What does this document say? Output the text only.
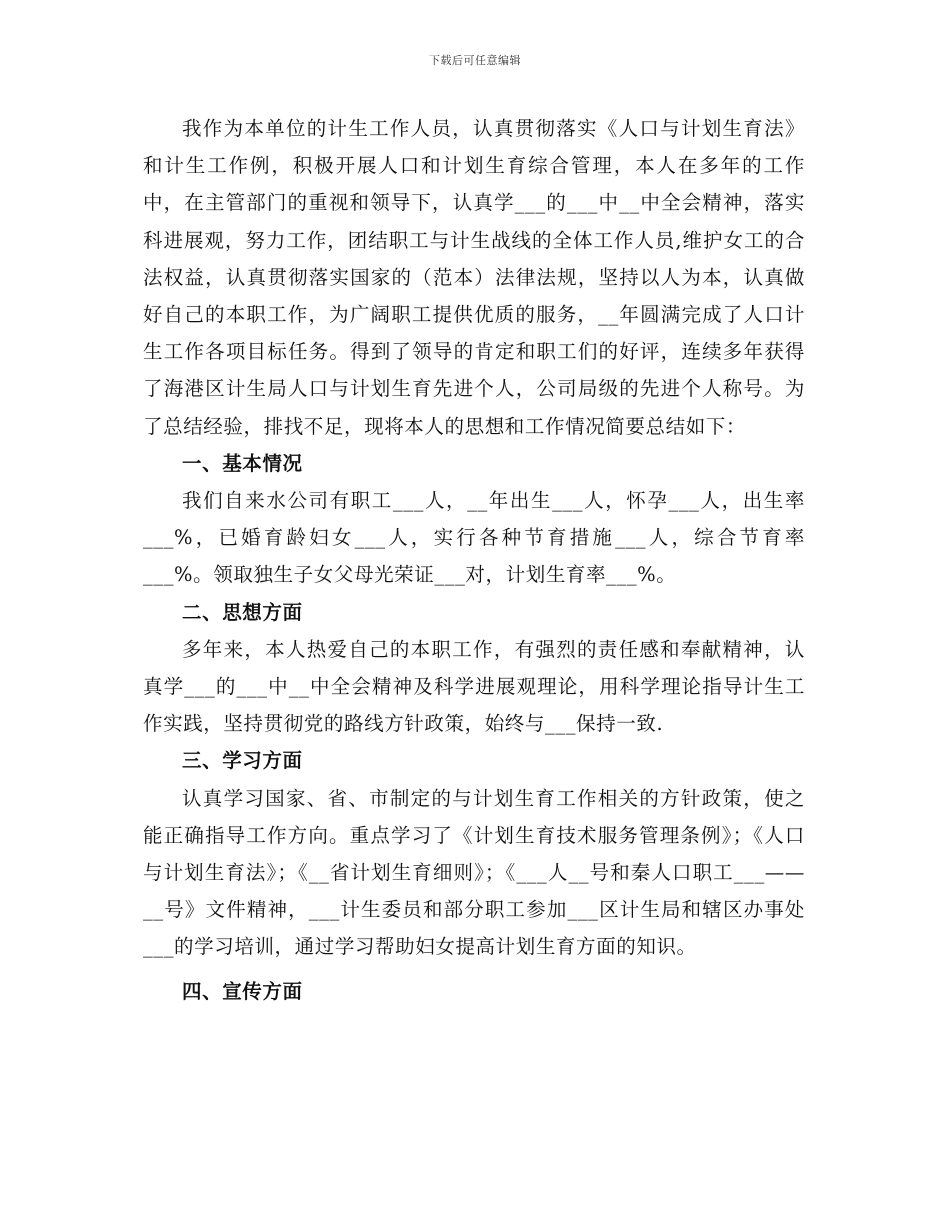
下载后可任意编辑

我作为本单位的计生工作人员，认真贯彻落实《人口与计划生育法》和计生工作例，积极开展人口和计划生育综合管理，本人在多年的工作中，在主管部门的重视和领导下，认真学___的___中__中全会精神，落实科进展观，努力工作，团结职工与计生战线的全体工作人员,维护女工的合法权益，认真贯彻落实国家的（范本）法律法规，坚持以人为本，认真做好自己的本职工作，为广阔职工提供优质的服务，__年圆满完成了人口计生工作各项目标任务。得到了领导的肯定和职工们的好评，连续多年获得了海港区计生局人口与计划生育先进个人，公司局级的先进个人称号。为了总结经验，排找不足，现将本人的思想和工作情况简要总结如下：

一、基本情况

我们自来水公司有职工___人，__年出生___人，怀孕___人，出生率___%，已婚育龄妇女___人，实行各种节育措施___人，综合节育率___%。领取独生子女父母光荣证___对，计划生育率___%。

二、思想方面

多年来，本人热爱自己的本职工作，有强烈的责任感和奉献精神，认真学___的___中__中全会精神及科学进展观理论，用科学理论指导计生工作实践，坚持贯彻党的路线方针政策，始终与___保持一致.

三、学习方面

认真学习国家、省、市制定的与计划生育工作相关的方针政策，使之能正确指导工作方向。重点学习了《计划生育技术服务管理条例》；《人口与计划生育法》；《__省计划生育细则》；《___人__号和秦人口职工___——__号》文件精神，___计生委员和部分职工参加___区计生局和辖区办事处___的学习培训，通过学习帮助妇女提高计划生育方面的知识。

四、宣传方面
